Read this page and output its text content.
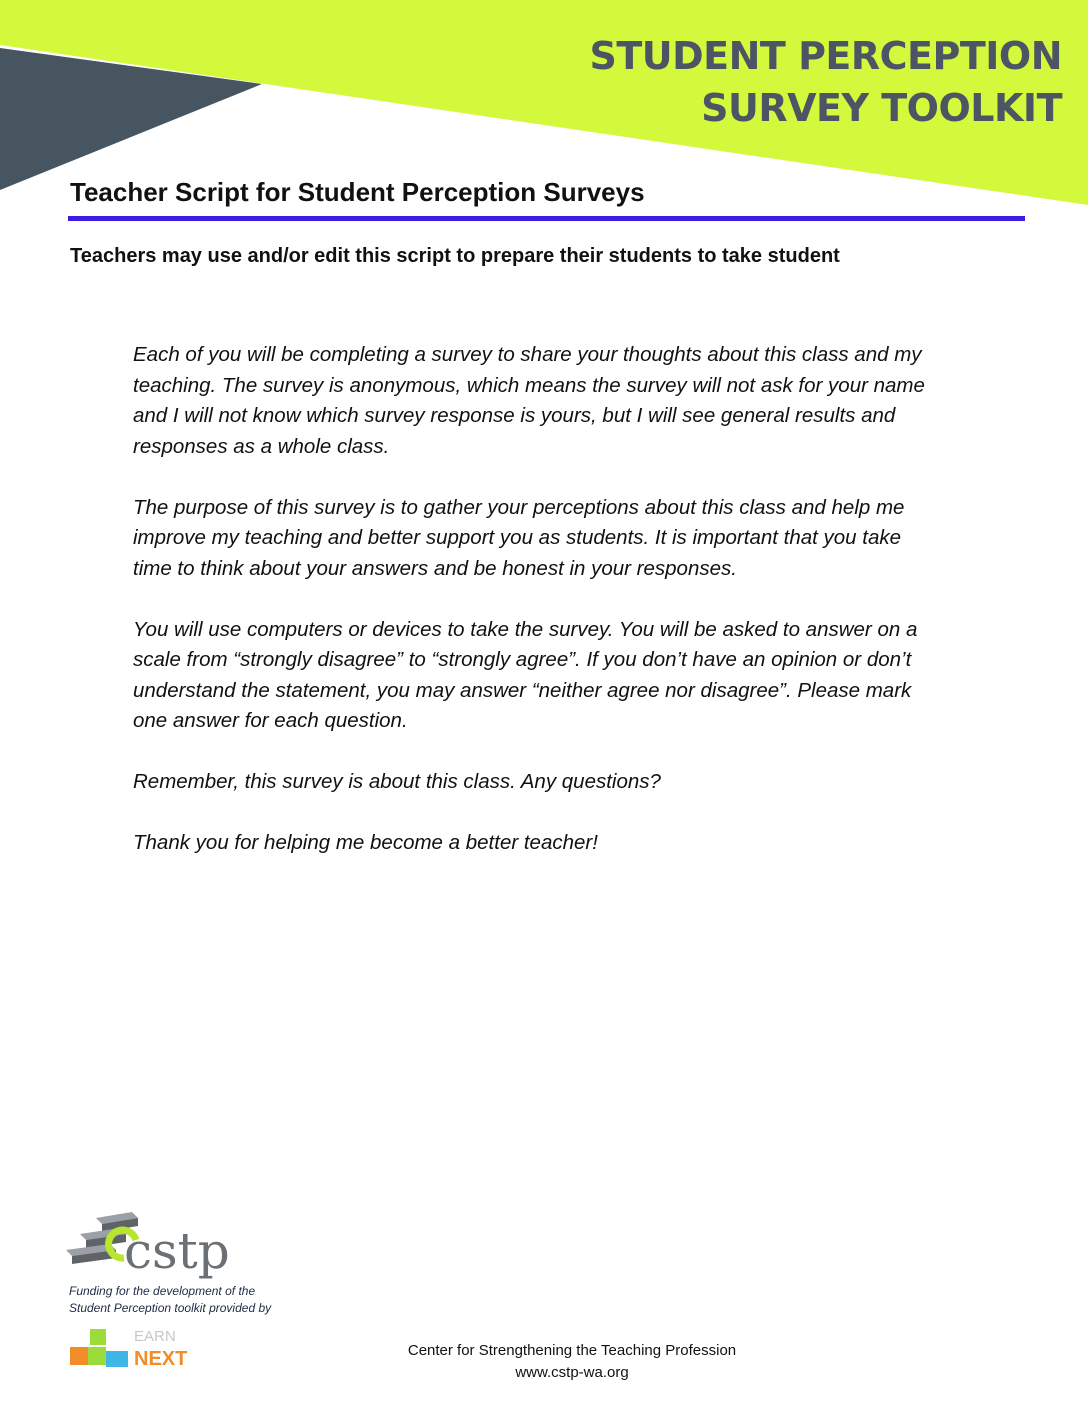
STUDENT PERCEPTION
SURVEY TOOLKIT
Teacher Script for Student Perception Surveys
Teachers may use and/or edit this script to prepare their students to take student

Each of you will be completing a survey to share your thoughts about this class and my teaching. The survey is anonymous, which means the survey will not ask for your name and I will not know which survey response is yours, but I will see general results and responses as a whole class.

The purpose of this survey is to gather your perceptions about this class and help me improve my teaching and better support you as students. It is important that you take time to think about your answers and be honest in your responses.

You will use computers or devices to take the survey. You will be asked to answer on a scale from “strongly disagree” to “strongly agree”. If you don’t have an opinion or don’t understand the statement, you may answer “neither agree nor disagree”. Please mark one answer for each question.

Remember, this survey is about this class. Any questions?

Thank you for helping me become a better teacher!

cstp
Funding for the development of the
Student Perception toolkit provided by
EARN
NEXT	Center for Strengthening the Teaching Profession
www.cstp-wa.org
